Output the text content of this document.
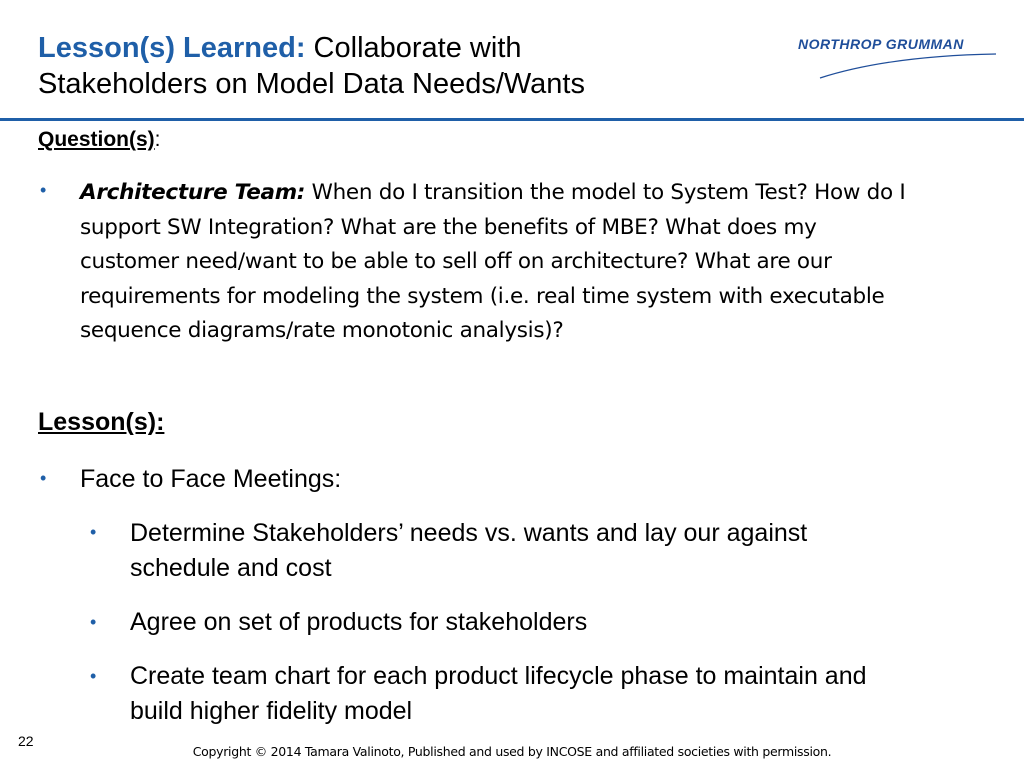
Lesson(s) Learned: Collaborate with
Stakeholders on Model Data Needs/Wants
NORTHROP GRUMMAN
Question(s):
• Architecture Team: When do I transition the model to System Test? How do I support SW Integration? What are the benefits of MBE? What does my customer need/want to be able to sell off on architecture? What are our requirements for modeling the system (i.e. real time system with executable sequence diagrams/rate monotonic analysis)?
Lesson(s):
• Face to Face Meetings:
• Determine Stakeholders’ needs vs. wants and lay our against schedule and cost
• Agree on set of products for stakeholders
• Create team chart for each product lifecycle phase to maintain and build higher fidelity model
22
Copyright © 2014 Tamara Valinoto, Published and used by INCOSE and affiliated societies with permission.
